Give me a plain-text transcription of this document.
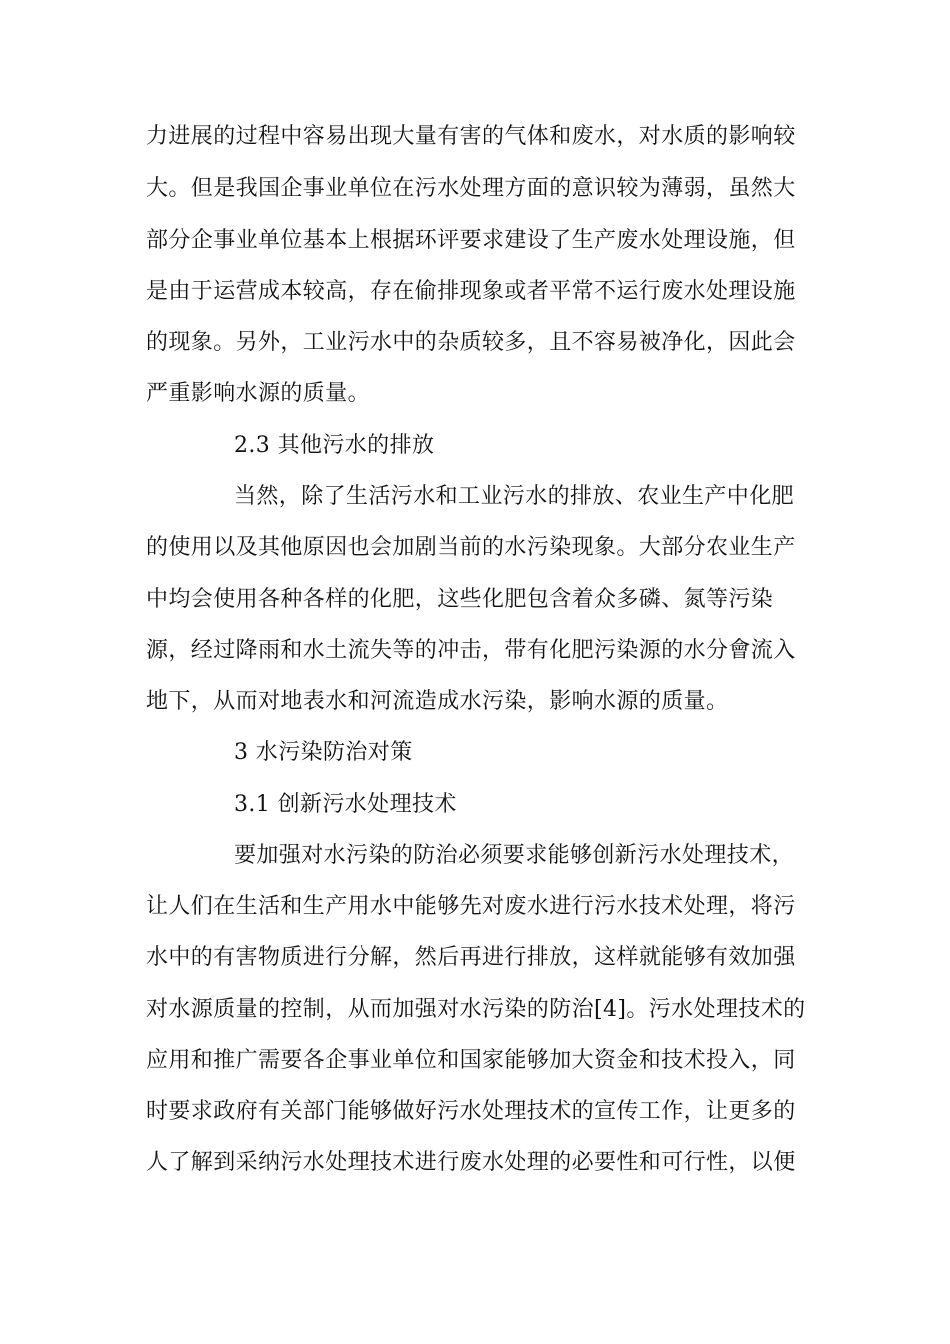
力进展的过程中容易出现大量有害的气体和废水，对水质的影响较
大。但是我国企事业单位在污水处理方面的意识较为薄弱，虽然大
部分企事业单位基本上根据环评要求建设了生产废水处理设施，但
是由于运营成本较高，存在偷排现象或者平常不运行废水处理设施
的现象。另外，工业污水中的杂质较多，且不容易被净化，因此会
严重影响水源的质量。
2.3 其他污水的排放
当然，除了生活污水和工业污水的排放、农业生产中化肥
的使用以及其他原因也会加剧当前的水污染现象。大部分农业生产
中均会使用各种各样的化肥，这些化肥包含着众多磷、氮等污染
源，经过降雨和水土流失等的冲击，带有化肥污染源的水分會流入
地下，从而对地表水和河流造成水污染，影响水源的质量。
3 水污染防治对策
3.1 创新污水处理技术
要加强对水污染的防治必须要求能够创新污水处理技术，
让人们在生活和生产用水中能够先对废水进行污水技术处理，将污
水中的有害物质进行分解，然后再进行排放，这样就能够有效加强
对水源质量的控制，从而加强对水污染的防治[4]。污水处理技术的
应用和推广需要各企事业单位和国家能够加大资金和技术投入，同
时要求政府有关部门能够做好污水处理技术的宣传工作，让更多的
人了解到采纳污水处理技术进行废水处理的必要性和可行性，以便
